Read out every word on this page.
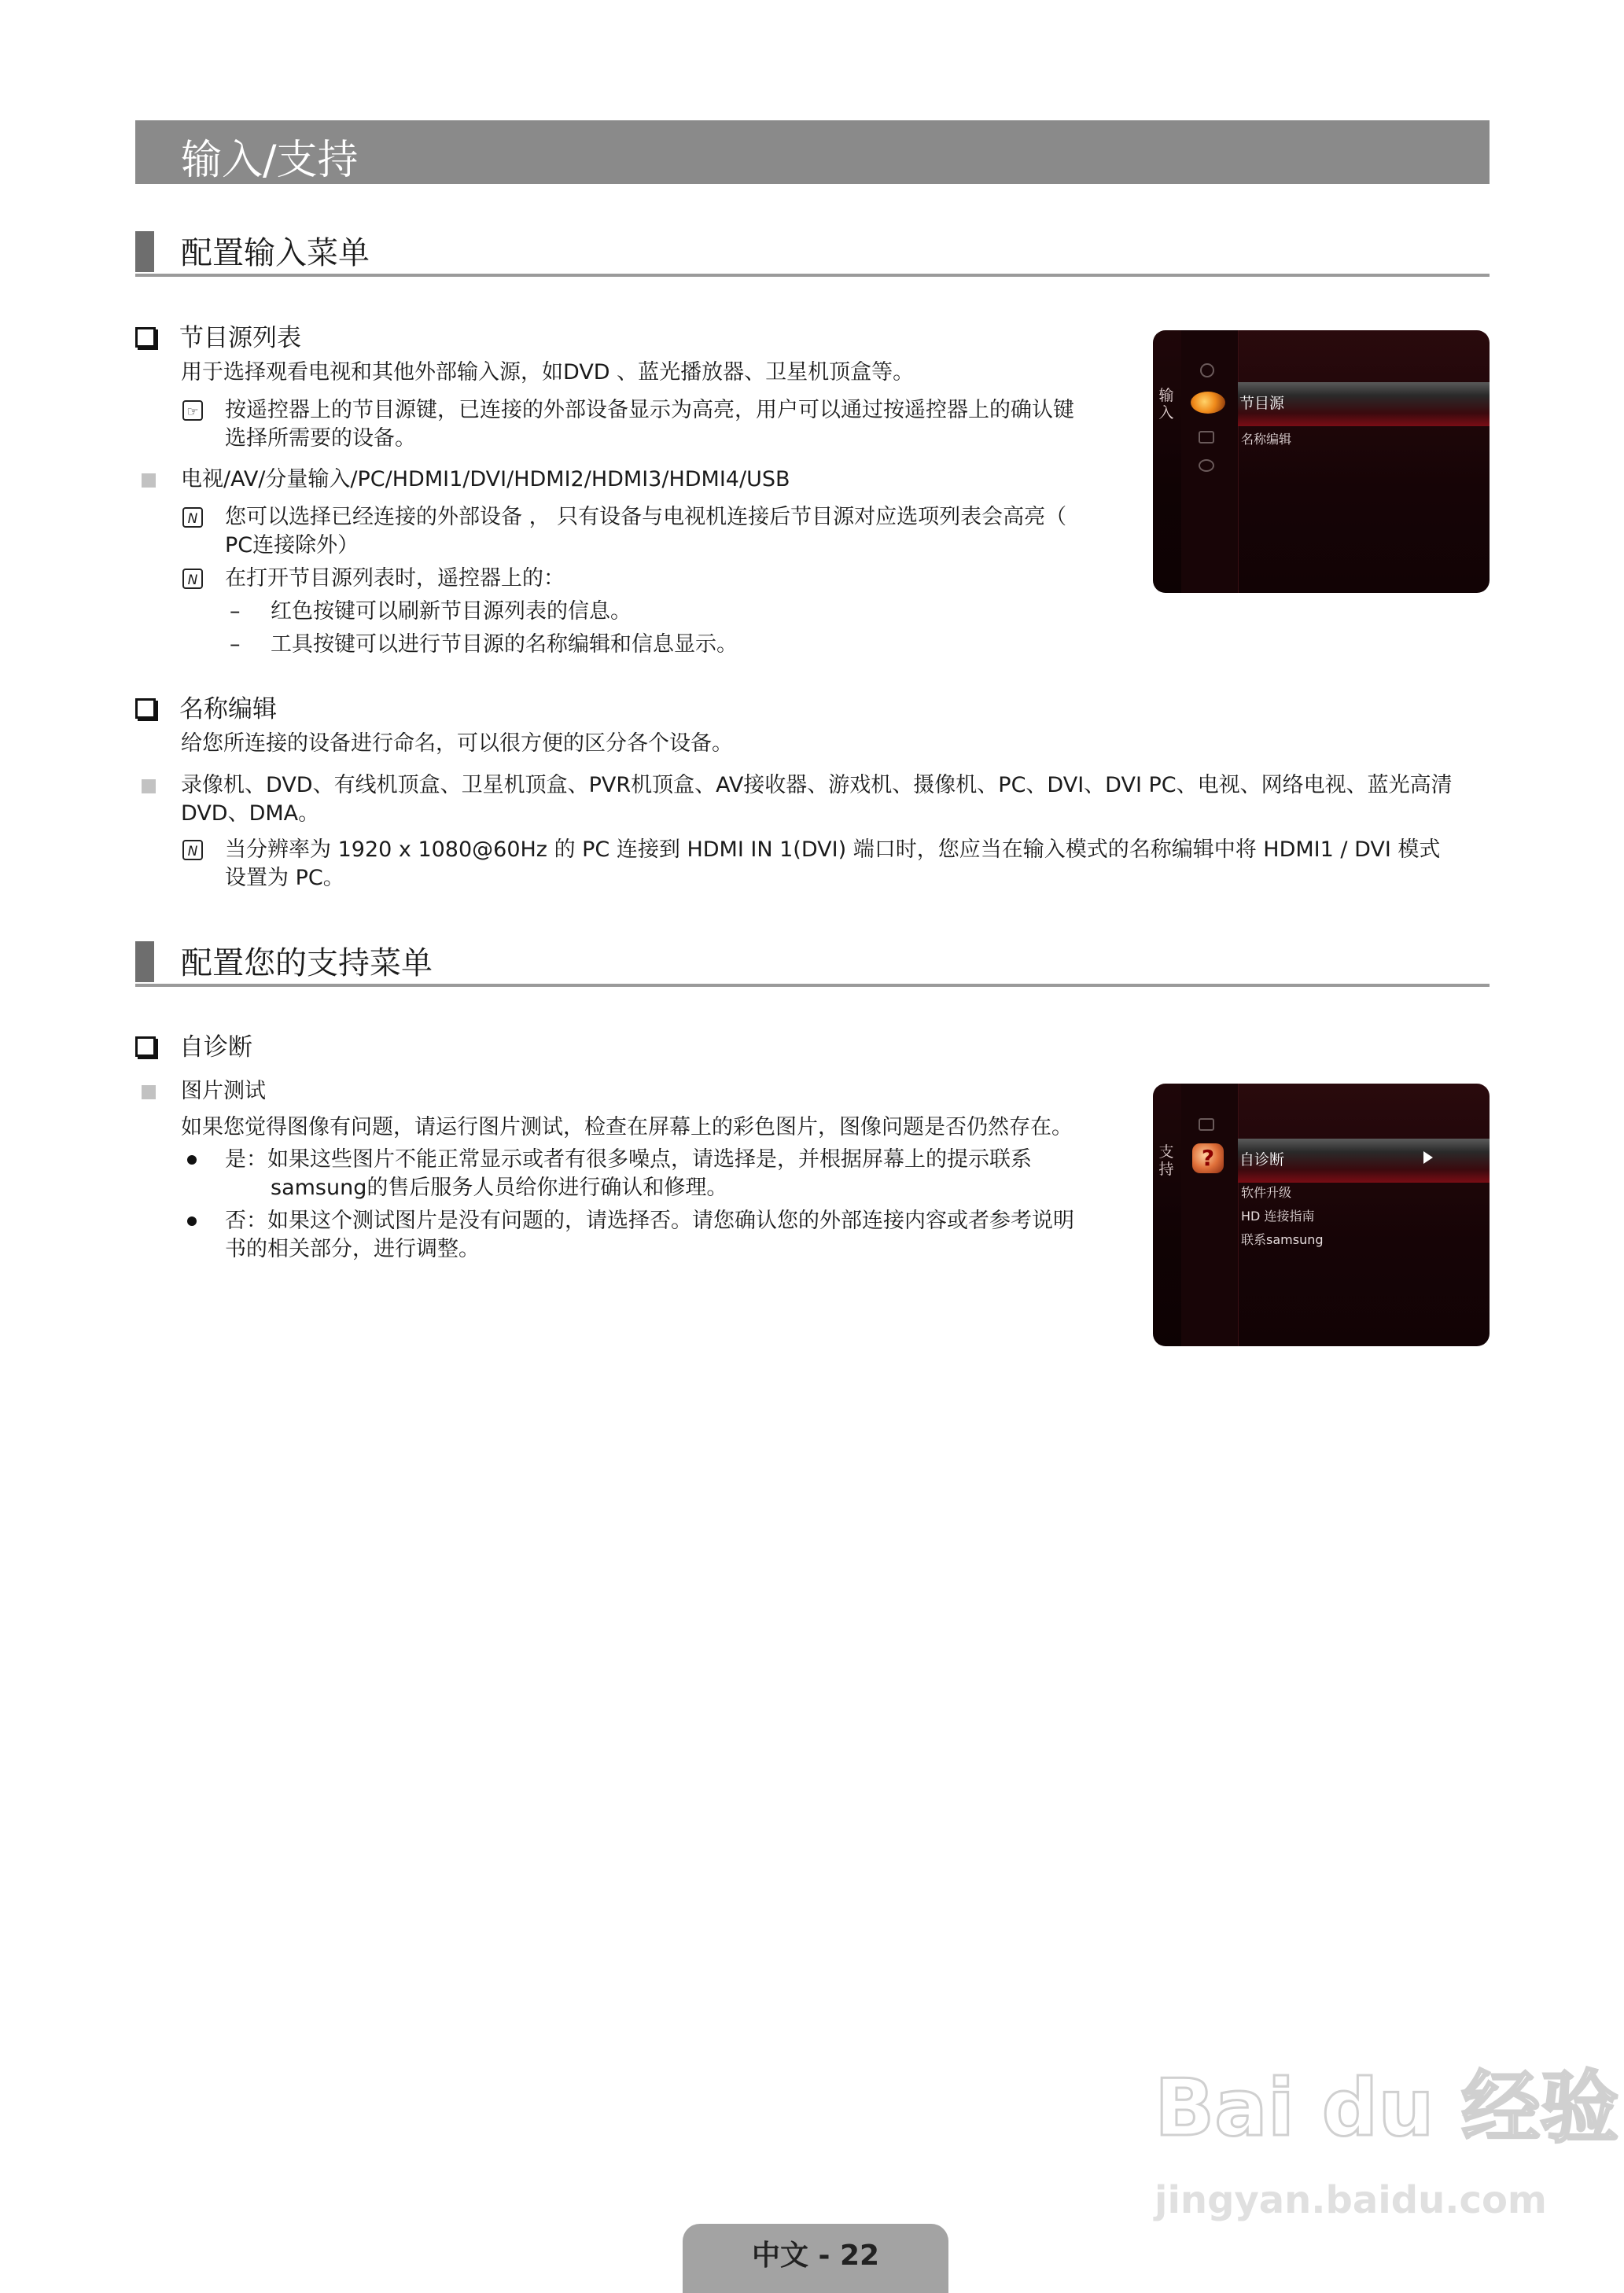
输入/支持
配置输入菜单
节目源列表
用于选择观看电视和其他外部输入源，如DVD 、蓝光播放器、卫星机顶盒等。
☞ 按遥控器上的节目源键，已连接的外部设备显示为高亮，用户可以通过按遥控器上的确认键
选择所需要的设备。
电视/AV/分量输入/PC/HDMI1/DVI/HDMI2/HDMI3/HDMI4/USB
N 您可以选择已经连接的外部设备 ， 只有设备与电视机连接后节目源对应选项列表会高亮（
PC连接除外）
N 在打开节目源列表时，遥控器上的：
– 红色按键可以刷新节目源列表的信息。
– 工具按键可以进行节目源的名称编辑和信息显示。
输入
节目源
名称编辑
名称编辑
给您所连接的设备进行命名，可以很方便的区分各个设备。
录像机、DVD、有线机顶盒、卫星机顶盒、PVR机顶盒、AV接收器、游戏机、摄像机、PC、DVI、DVI PC、电视、网络电视、蓝光高清
DVD、DMA。
N 当分辨率为 1920 x 1080@60Hz 的 PC 连接到 HDMI IN 1(DVI) 端口时，您应当在输入模式的名称编辑中将 HDMI1 / DVI 模式
设置为 PC。
配置您的支持菜单
自诊断
图片测试
如果您觉得图像有问题，请运行图片测试，检查在屏幕上的彩色图片，图像问题是否仍然存在。
是：如果这些图片不能正常显示或者有很多噪点，请选择是，并根据屏幕上的提示联系
samsung的售后服务人员给你进行确认和修理。
否：如果这个测试图片是没有问题的，请选择否。请您确认您的外部连接内容或者参考说明
书的相关部分，进行调整。
支持	?	自诊断
软件升级
HD 连接指南
联系samsung
Bai du 经验
jingyan.baidu.com
中文 - 22
